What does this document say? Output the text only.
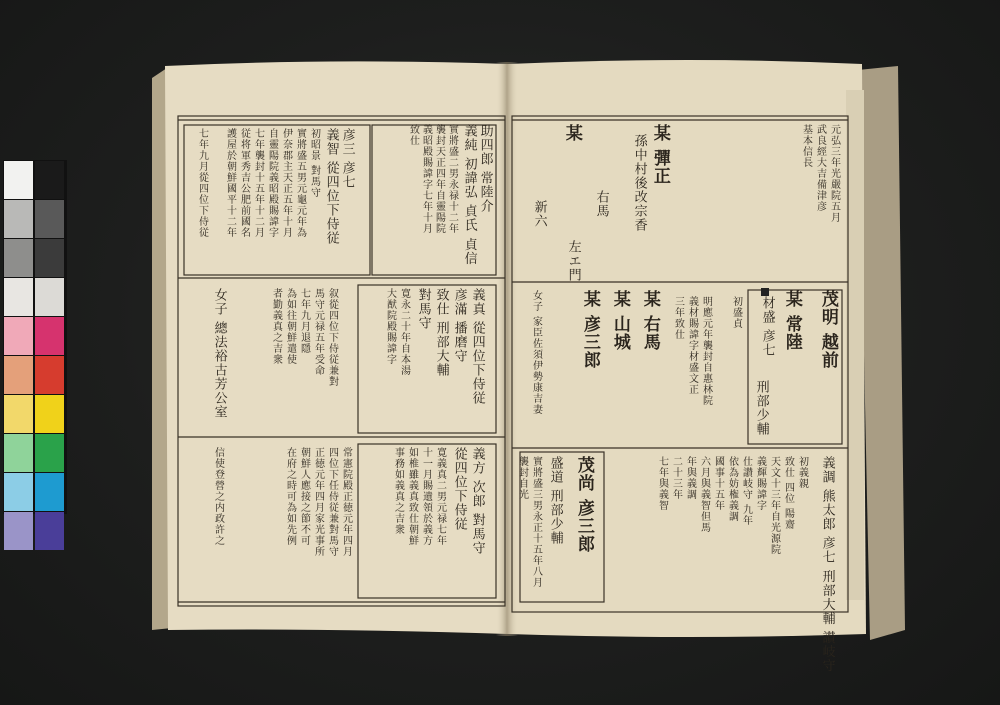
助四郎 常陸介
義純 初諱弘 貞氏 貞信
實將盛二男永禄十二年
襲封天正四年自靈陽院
義昭殿賜諱字七年十月
致仕
彦三 彦七
義智 從四位下侍従
初昭景 對馬守
實將盛五男元龜元年為
伊奈郡主天正五年十月
自靈陽院義昭殿賜諱字
七年襲封十五年十二月
従将軍秀吉公肥前國名
護屋於朝鮮國平十二年
七年九月從四位下侍従
義真 從四位下侍従
彦滿 播磨守
致仕 刑部大輔
對馬守
寛永二十年自本湯
大猷院殿賜諱字
叙從四位下侍従兼對
馬守元禄五年受命
七年九月退隱
為如往朝鮮遣使
者勤義真之吉衆
女子 總法裕古芳公室
義方 次郎 對馬守
從四位下侍従
寛義真二男元禄七年
十一月賜遺領於義方
如椎雖義真致仕朝鮮
事務如義真之吉衆
常憲院殿正徳元年四月
四位下任侍従兼對馬守
正徳元年四月家光事所
朝鮮人應接之節不可
在府之時可為如先例
信使登營之内政許之
元弘三年光嚴院五月
武良經大吉備津彦
基本信長
某 彈正
孫中村後改宗香
右馬
某
左エ門
新六
茂明 越前
某 常陸
刑部少輔
材盛 彦七
初盛貞
明應元年襲封自惠林院
義材賜諱字材盛文正
三年致仕
某 右馬
某 山城
某 彦三郎
女子 家臣佐須伊勢康吉妻
茂尚 彦三郎
盛道 刑部少輔
實將盛三男永正十五年八月
襲封自光	義調 熊太郎 彦七 刑部大輔 讃岐守
初義親
致仕 四位 陽齋
天文十三年自光源院
義輝賜諱字
仕讃岐守 九年
依為妨権義調
國事十五年
六月與義智但馬
年與義調
二十三年
七年與義智
